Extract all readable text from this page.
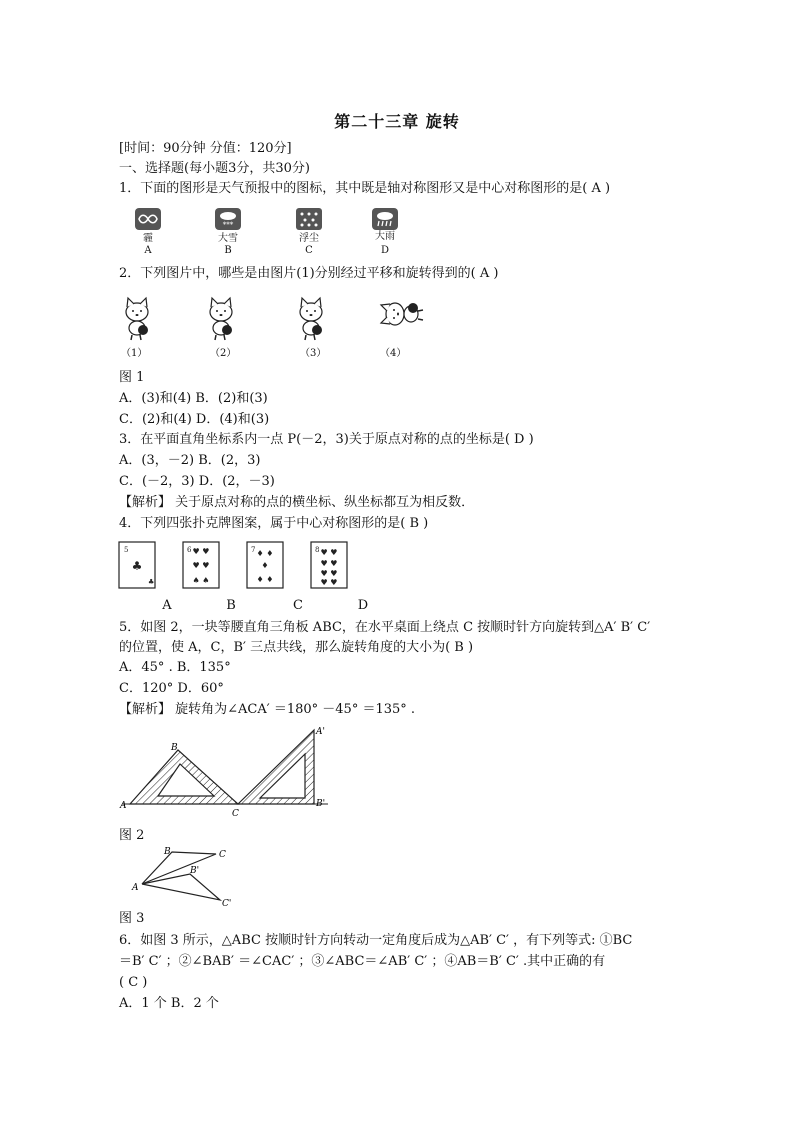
第二十三章 旋转
[时间：90分钟 分值：120分]
一、选择题(每小题3分，共30分)
1．下面的图形是天气预报中的图标，其中既是轴对称图形又是中心对称图形的是( A )
***
霾
A
大雪
B
浮尘
C
大雨
D
2．下列图片中，哪些是由图片(1)分别经过平移和旋转得到的( A )
（1）	（2）	（3）	（4）
图 1
A．(3)和(4) B．(2)和(3)
C．(2)和(4) D．(4)和(3)
3．在平面直角坐标系内一点 P(－2，3)关于原点对称的点的坐标是( D )
A．(3，－2) B．(2，3)
C．(－2，3) D．(2，－3)
【解析】 关于原点对称的点的横坐标、纵坐标都互为相反数．
4．下列四张扑克牌图案，属于中心对称图形的是( B )
5
♣
♣
6 ♥ ♥
♥ ♥
♠ ♠
7 ♦ ♦
♦
♦ ♦
8 ♥ ♥
♥ ♥
♥ ♥
♥ ♥
A	B	C	D
5．如图 2，一块等腰直角三角板 ABC，在水平桌面上绕点 C 按顺时针方向旋转到△A′ B′ C′
的位置，使 A，C，B′ 三点共线，那么旋转角度的大小为( B )
A．45° . B．135°
C．120° D．60°
【解析】 旋转角为∠ACA′ ＝180° －45° ＝135° .
A
B
C
A'
B'
图 2
A
B	C
B'
C'
图 3
6．如图 3 所示，△ABC 按顺时针方向转动一定角度后成为△AB′ C′ ，有下列等式: ①BC
＝B′ C′ ；②∠BAB′ ＝∠CAC′ ；③∠ABC＝∠AB′ C′ ；④AB＝B′ C′ .其中正确的有
( C )
A．1 个 B．2 个
